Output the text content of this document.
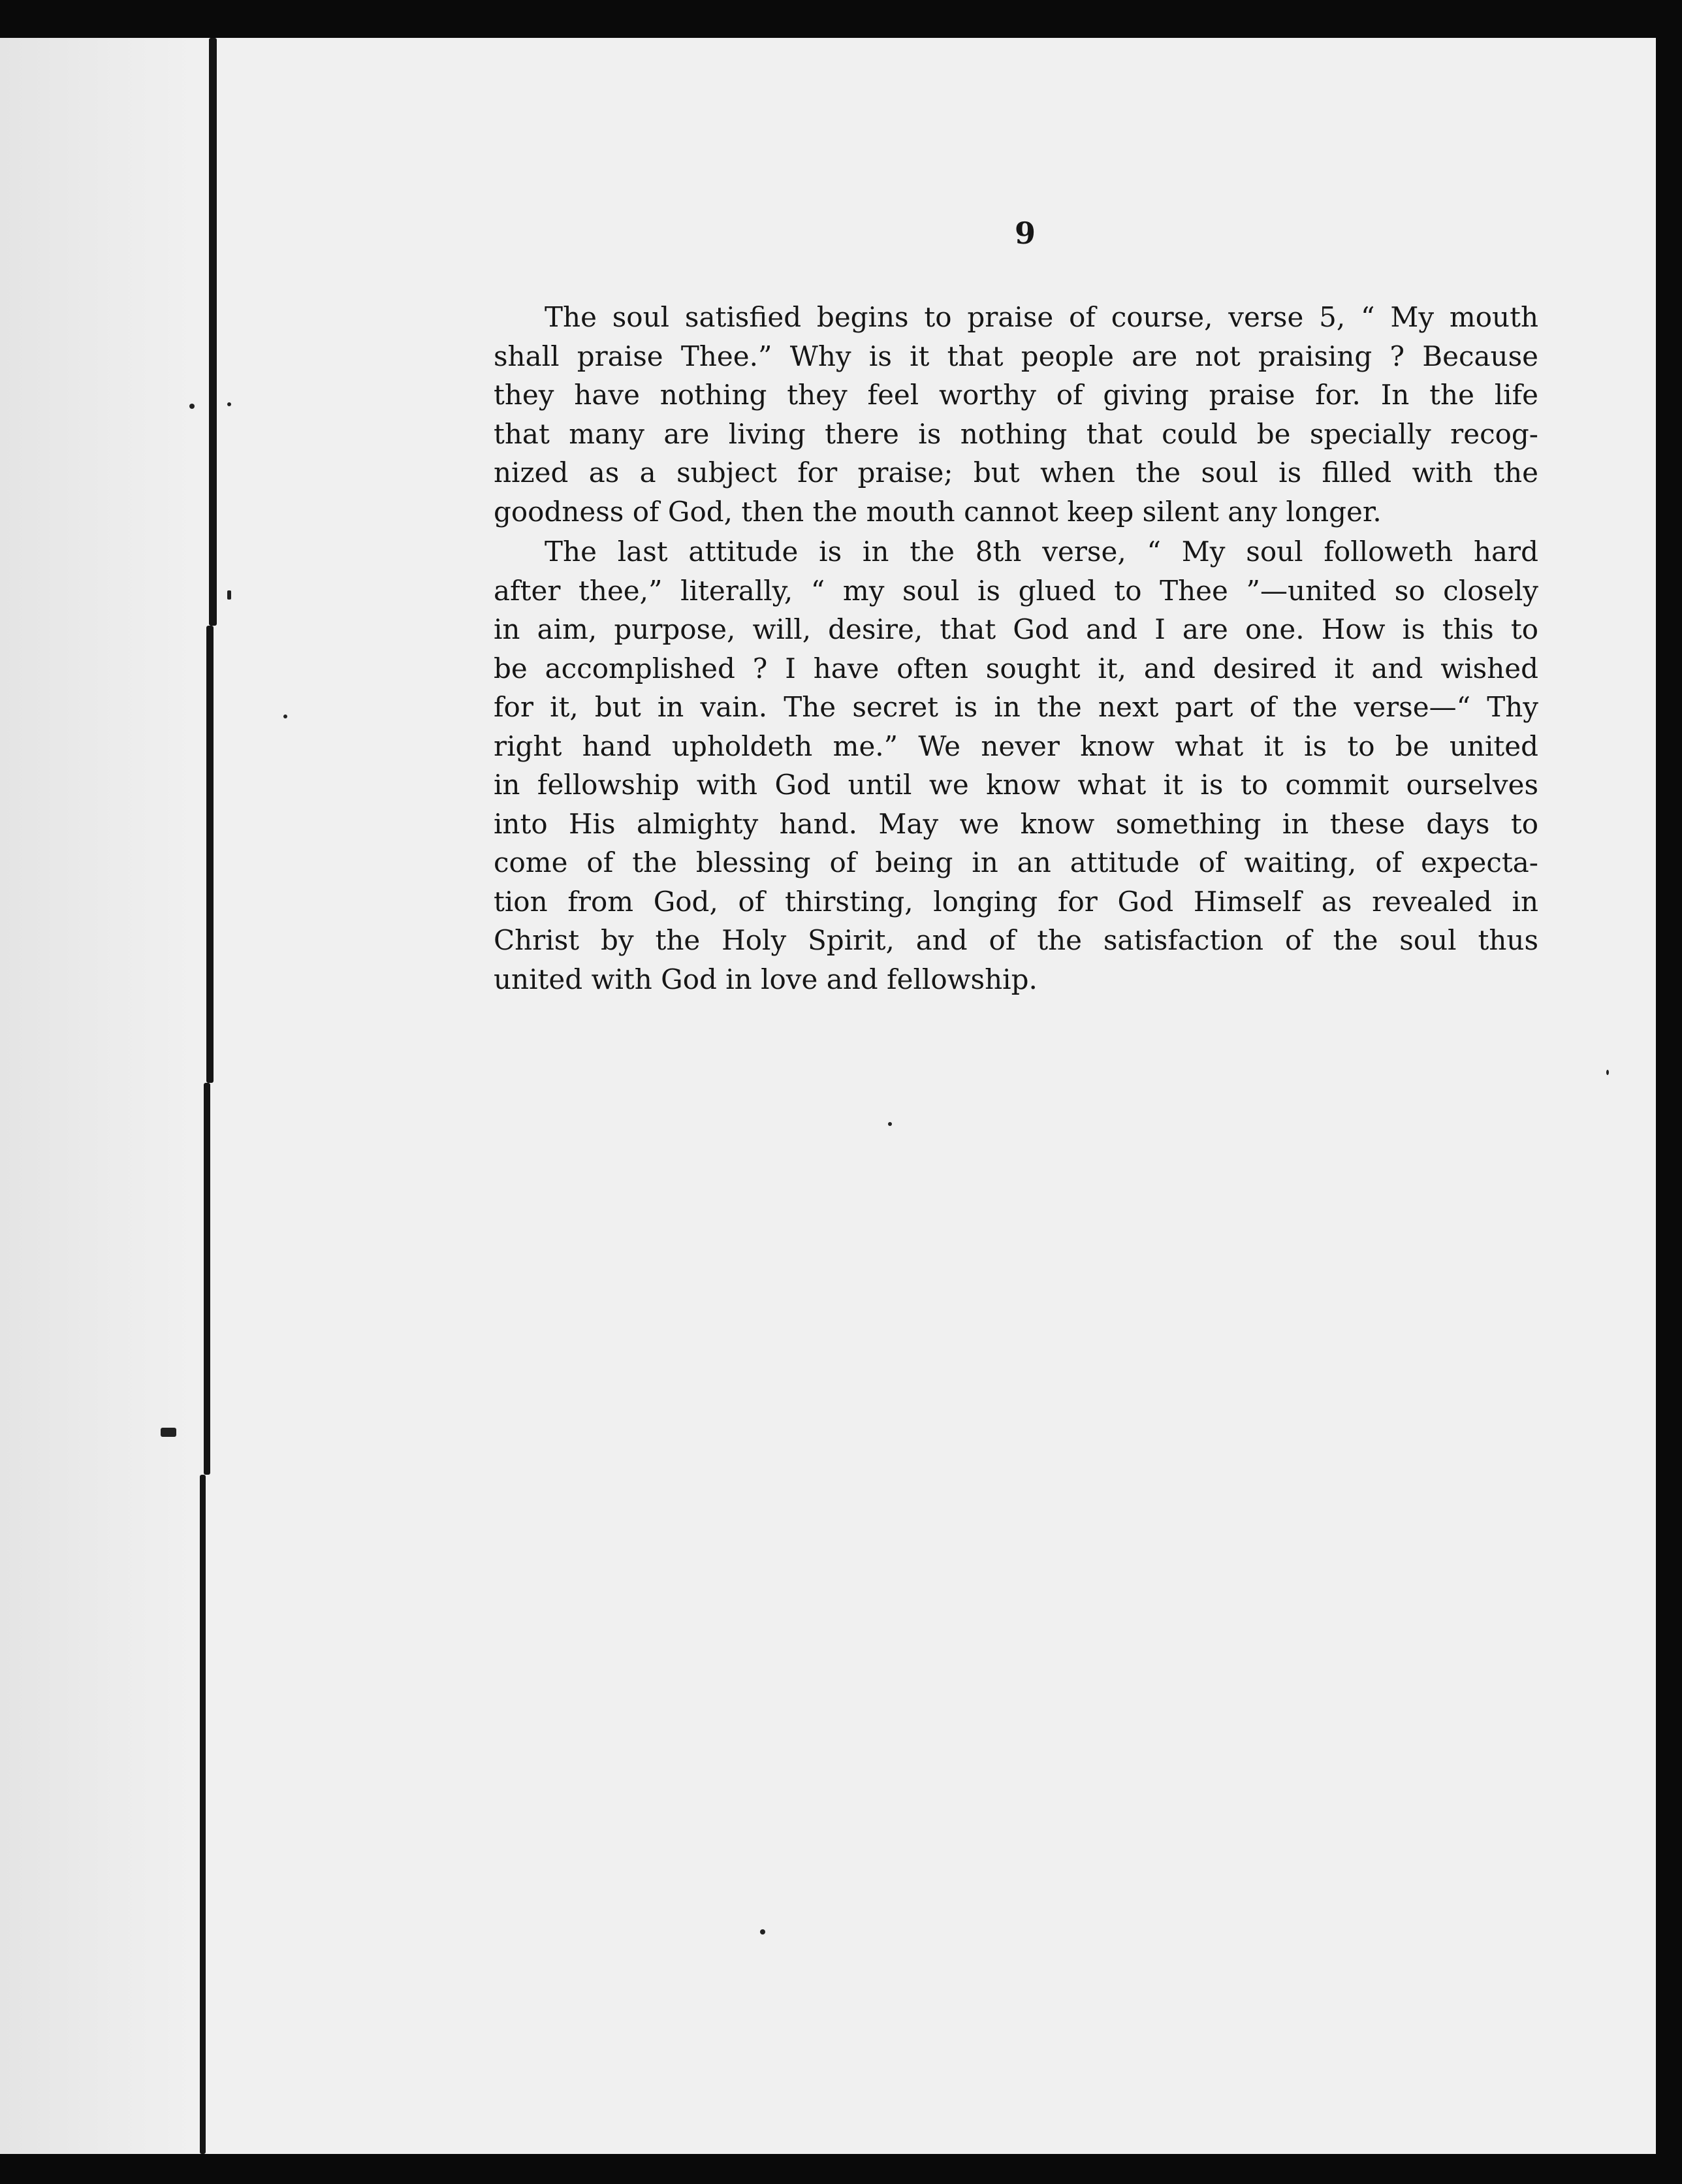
9
The soul satisfied begins to praise of course, verse 5, “ My mouth
shall praise Thee.” Why is it that people are not praising ? Because
they have nothing they feel worthy of giving praise for. In the life
that many are living there is nothing that could be specially recog-
nized as a subject for praise; but when the soul is filled with the
goodness of God, then the mouth cannot keep silent any longer.
The last attitude is in the 8th verse, “ My soul followeth hard
after thee,” literally, “ my soul is glued to Thee ”—united so closely
in aim, purpose, will, desire, that God and I are one. How is this to
be accomplished ? I have often sought it, and desired it and wished
for it, but in vain. The secret is in the next part of the verse—“ Thy
right hand upholdeth me.” We never know what it is to be united
in fellowship with God until we know what it is to commit ourselves
into His almighty hand. May we know something in these days to
come of the blessing of being in an attitude of waiting, of expecta-
tion from God, of thirsting, longing for God Himself as revealed in
Christ by the Holy Spirit, and of the satisfaction of the soul thus
united with God in love and fellowship.
